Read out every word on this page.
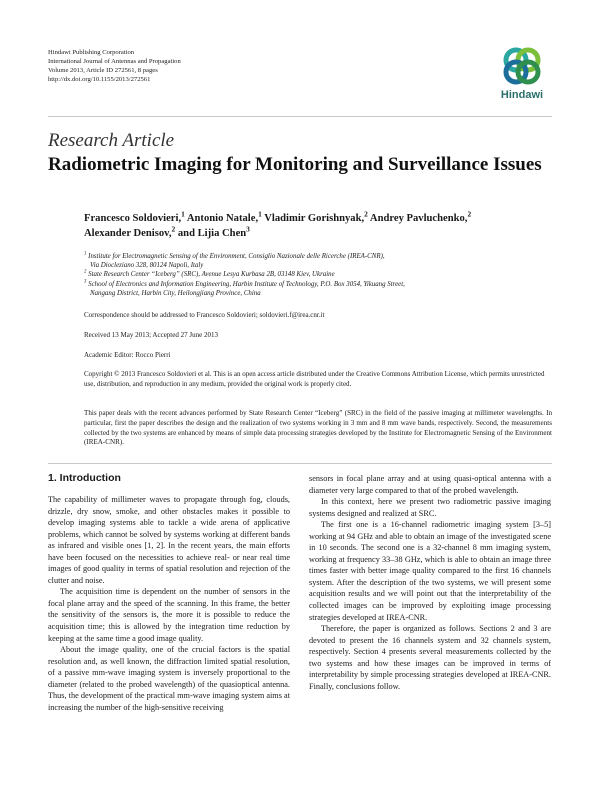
Hindawi Publishing Corporation
International Journal of Antennas and Propagation
Volume 2013, Article ID 272561, 8 pages
http://dx.doi.org/10.1155/2013/272561
Hindawi
Research Article
Radiometric Imaging for Monitoring and Surveillance Issues
Francesco Soldovieri,$^1$ Antonio Natale,$^1$ Vladimir Gorishnyak,$^2$ Andrey Pavluchenko,$^2$
Alexander Denisov,$^2$ and Lijia Chen$^3$
$^1$ Institute for Electromagnetic Sensing of the Environment, Consiglio Nazionale delle Ricerche (IREA-CNR),
Via Diocleziano 328, 80124 Napoli, Italy
$^2$ State Research Center “Iceberg” (SRC), Avenue Lesya Kurbasa 2B, 03148 Kiev, Ukraine
$^3$ School of Electronics and Information Engineering, Harbin Institute of Technology, P.O. Box 3054, Yikuang Street,
Nangang District, Harbin City, Heilongjiang Province, China
Correspondence should be addressed to Francesco Soldovieri; soldovieri.f@irea.cnr.it
Received 13 May 2013; Accepted 27 June 2013
Academic Editor: Rocco Pierri
Copyright © 2013 Francesco Soldovieri et al. This is an open access article distributed under the Creative Commons Attribution License, which permits unrestricted use, distribution, and reproduction in any medium, provided the original work is properly cited.
This paper deals with the recent advances performed by State Research Center “Iceberg” (SRC) in the field of the passive imaging at millimeter wavelengths. In particular, first the paper describes the design and the realization of two systems working in 3 mm and 8 mm wave bands, respectively. Second, the measurements collected by the two systems are enhanced by means of simple data processing strategies developed by the Institute for Electromagnetic Sensing of the Environment (IREA-CNR).
1. Introduction

The capability of millimeter waves to propagate through fog, clouds, drizzle, dry snow, smoke, and other obstacles makes it possible to develop imaging systems able to tackle a wide arena of applicative problems, which cannot be solved by systems working at different bands as infrared and visible ones [1, 2]. In the recent years, the main efforts have been focused on the necessities to achieve real- or near real time images of good quality in terms of spatial resolution and rejection of the clutter and noise.

The acquisition time is dependent on the number of sensors in the focal plane array and the speed of the scanning. In this frame, the better the sensitivity of the sensors is, the more it is possible to reduce the acquisition time; this is allowed by the integration time reduction by keeping at the same time a good image quality.

About the image quality, one of the crucial factors is the spatial resolution and, as well known, the diffraction limited spatial resolution, of a passive mm-wave imaging system is inversely proportional to the diameter (related to the probed wavelength) of the quasioptical antenna. Thus, the development of the practical mm-wave imaging system aims at increasing the number of the high-sensitive receiving

sensors in focal plane array and at using quasi-optical antenna with a diameter very large compared to that of the probed wavelength.

In this context, here we present two radiometric passive imaging systems designed and realized at SRC.

The first one is a 16-channel radiometric imaging system [3–5] working at 94 GHz and able to obtain an image of the investigated scene in 10 seconds. The second one is a 32-channel 8 mm imaging system, working at frequency 33–38 GHz, which is able to obtain an image three times faster with better image quality compared to the first 16 channels system. After the description of the two systems, we will present some acquisition results and we will point out that the interpretability of the collected images can be improved by exploiting image processing strategies developed at IREA-CNR.

Therefore, the paper is organized as follows. Sections 2 and 3 are devoted to present the 16 channels system and 32 channels system, respectively. Section 4 presents several measurements collected by the two systems and how these images can be improved in terms of interpretability by simple processing strategies developed at IREA-CNR. Finally, conclusions follow.
